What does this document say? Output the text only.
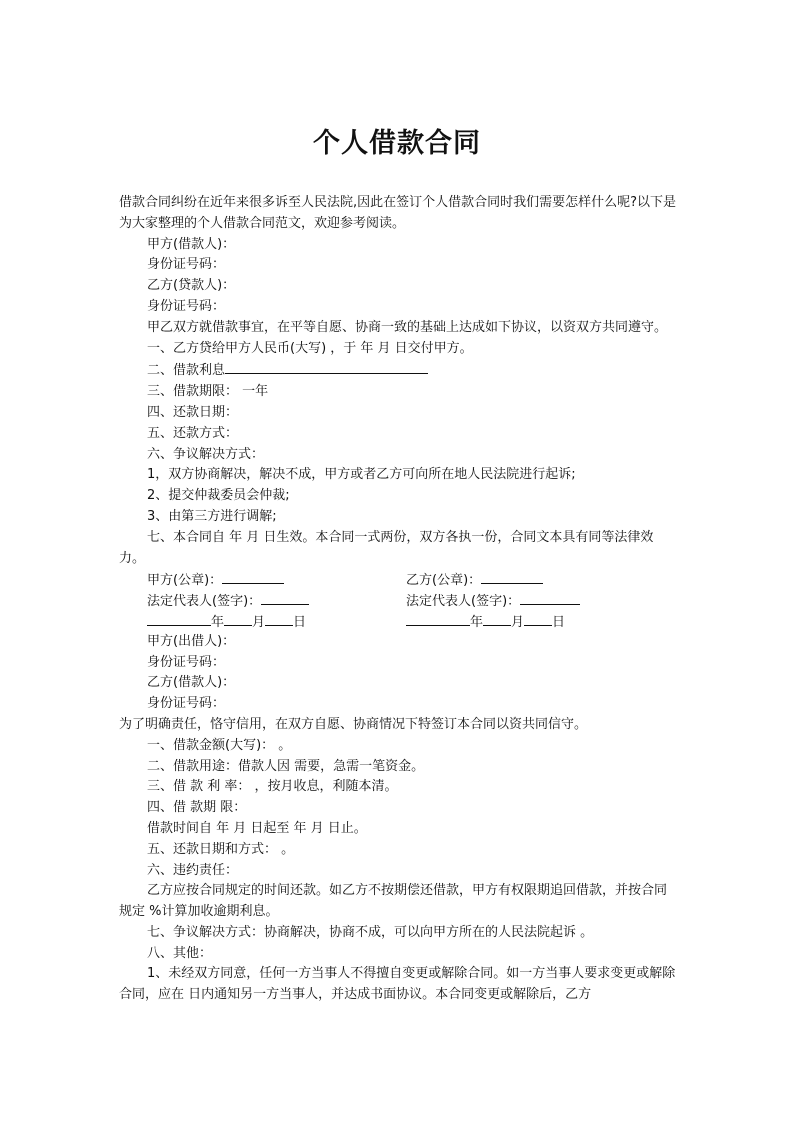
个人借款合同

借款合同纠纷在近年来很多诉至人民法院,因此在签订个人借款合同时我们需要怎样什么呢?以下是为大家整理的个人借款合同范文，欢迎参考阅读。

甲方(借款人)：

身份证号码：

乙方(贷款人)：

身份证号码：

甲乙双方就借款事宜，在平等自愿、协商一致的基础上达成如下协议，以资双方共同遵守。

一、乙方贷给甲方人民币(大写) ，于 年 月 日交付甲方。

二、借款利息

三、借款期限： 一年

四、还款日期：

五、还款方式：

六、争议解决方式：

1，双方协商解决，解决不成，甲方或者乙方可向所在地人民法院进行起诉;

2、提交仲裁委员会仲裁;

3、由第三方进行调解;

七、本合同自 年 月 日生效。本合同一式两份，双方各执一份，合同文本具有同等法律效力。

甲方(公章)：	乙方(公章)：
法定代表人(签字)：	法定代表人(签字)：
年 月 日	年 月 日

甲方(出借人)：

身份证号码：

乙方(借款人)：

身份证号码：

为了明确责任，恪守信用，在双方自愿、协商情况下特签订本合同以资共同信守。

一、借款金额(大写)： 。

二、借款用途：借款人因 需要，急需一笔资金。

三、借 款 利 率： ，按月收息，利随本清。

四、借 款期 限：

借款时间自 年 月 日起至 年 月 日止。

五、还款日期和方式： 。

六、违约责任：

乙方应按合同规定的时间还款。如乙方不按期偿还借款，甲方有权限期追回借款，并按合同规定 %计算加收逾期利息。

七、争议解决方式：协商解决，协商不成，可以向甲方所在的人民法院起诉 。

八、其他：

1、未经双方同意，任何一方当事人不得擅自变更或解除合同。如一方当事人要求变更或解除合同，应在 日内通知另一方当事人，并达成书面协议。本合同变更或解除后，乙方
